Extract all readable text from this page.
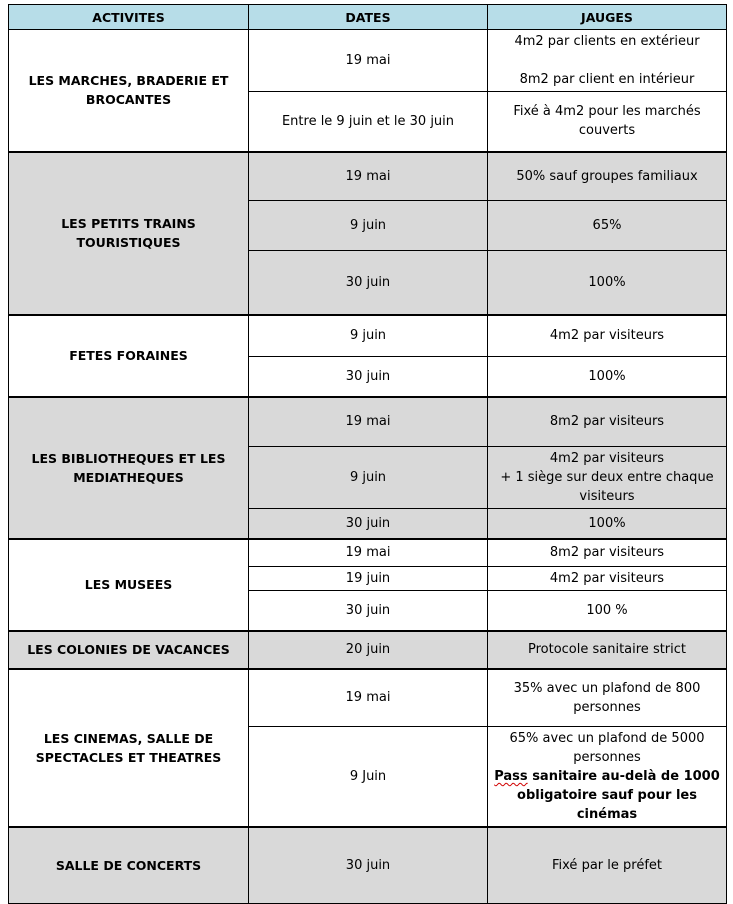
ACTIVITES	DATES	JAUGES
LES MARCHES, BRADERIE ET
BROCANTES	19 mai	4m2 par clients en extérieur

8m2 par client en intérieur
	Entre le 9 juin et le 30 juin	Fixé à 4m2 pour les marchés
couverts
LES PETITS TRAINS TOURISTIQUES	19 mai	50% sauf groupes familiaux
	9 juin	65%
	30 juin	100%
FETES FORAINES	9 juin	4m2 par visiteurs
	30 juin	100%
LES BIBLIOTHEQUES ET LES
MEDIATHEQUES	19 mai	8m2 par visiteurs
	9 juin	4m2 par visiteurs
+ 1 siège sur deux entre chaque
visiteurs
	30 juin	100%
LES MUSEES	19 mai	8m2 par visiteurs
	19 juin	4m2 par visiteurs
	30 juin	100 %
LES COLONIES DE VACANCES	20 juin	Protocole sanitaire strict
LES CINEMAS, SALLE DE
SPECTACLES ET THEATRES	19 mai	35% avec un plafond de 800
personnes
	9 Juin	65% avec un plafond de 5000
personnes
Pass sanitaire au-delà de 1000
obligatoire sauf pour les cinémas

SALLE DE CONCERTS	30 juin	Fixé par le préfet
